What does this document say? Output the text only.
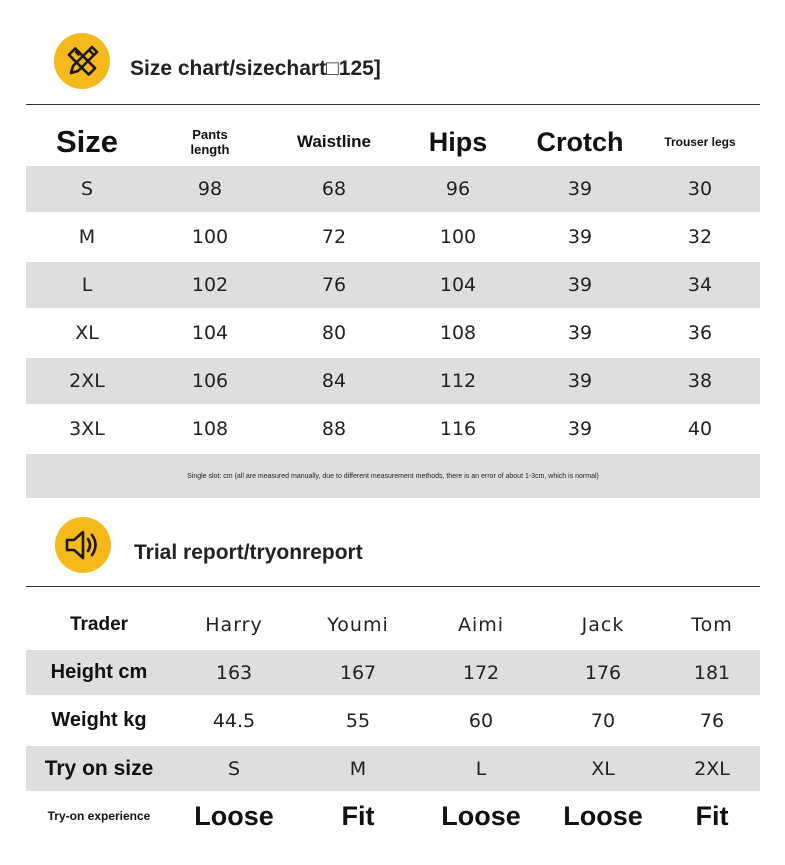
Size chart/sizechart□125]
Size	Pants length	Waistline	Hips	Crotch	Trouser legs
S	98	68	96	39	30
M	100	72	100	39	32
L	102	76	104	39	34
XL	104	80	108	39	36
2XL	106	84	112	39	38
3XL	108	88	116	39	40
Single slot: cm (all are measured manually, due to different measurement methods, there is an error of about 1-3cm, which is normal)					
Trial report/tryonreport
Trader	Harry	Youmi	Aimi	Jack	Tom
Height cm	163	167	172	176	181
Weight kg	44.5	55	60	70	76
Try on size	S	M	L	XL	2XL
Try-on experience	Loose	Fit	Loose	Loose	Fit
